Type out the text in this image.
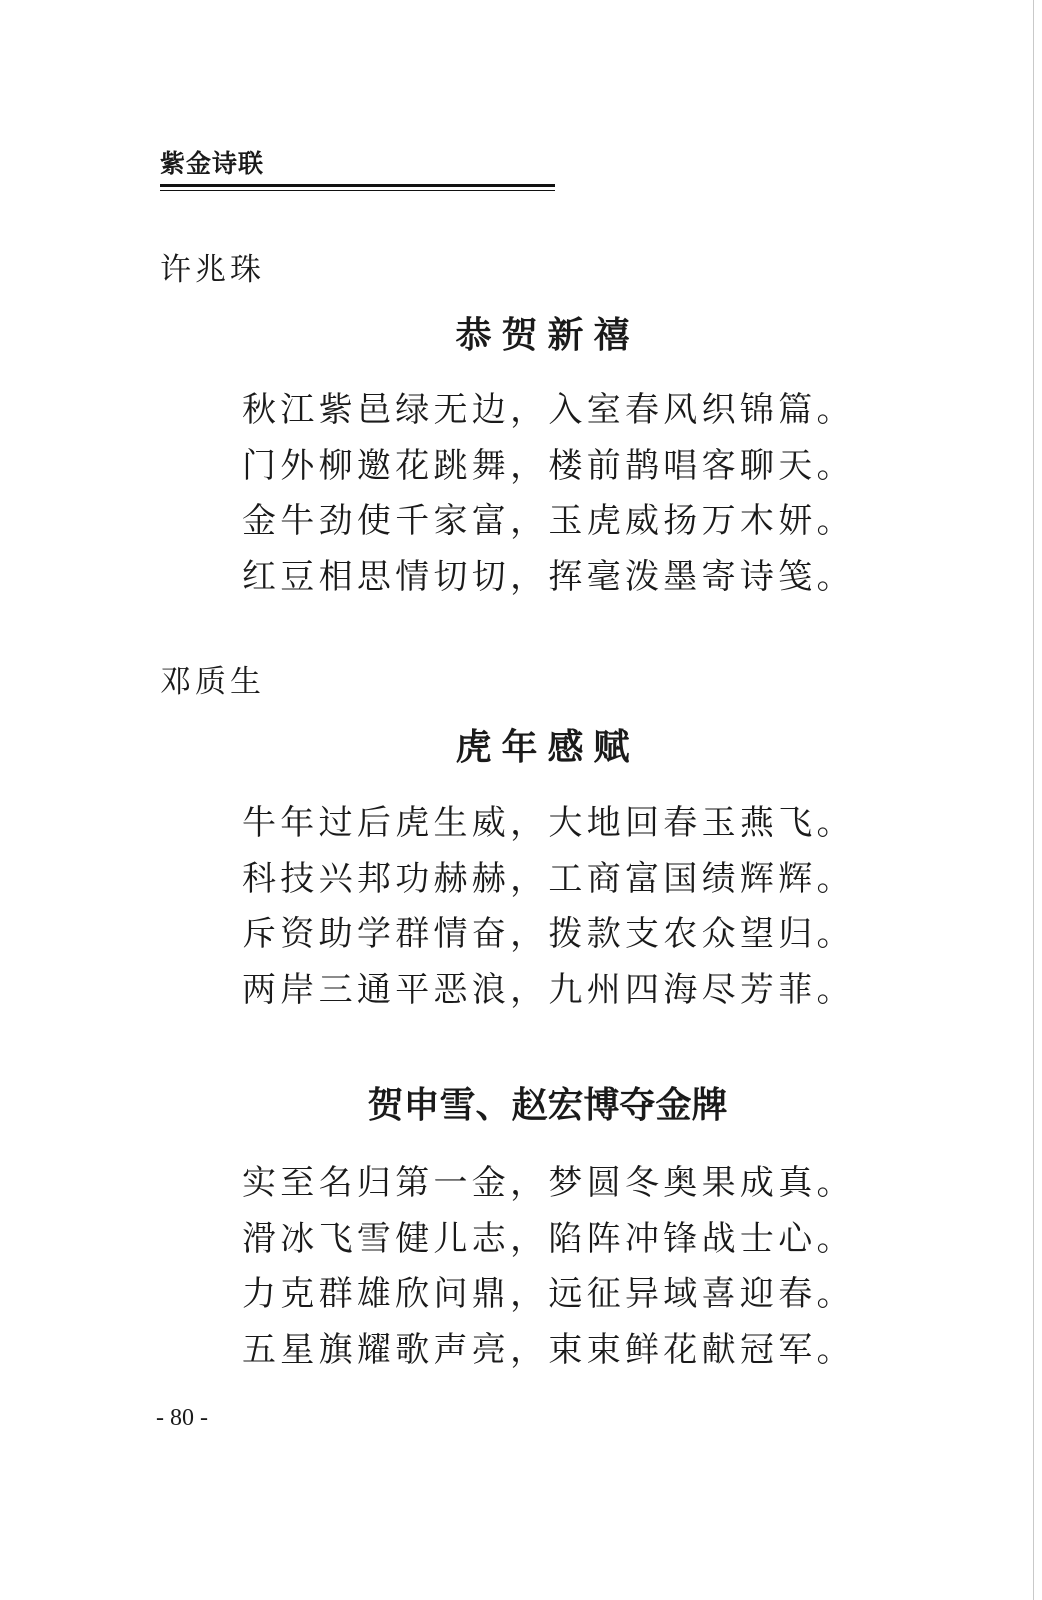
紫金诗联
许兆珠
恭贺新禧
秋江紫邑绿无边，入室春风织锦篇。
门外柳邀花跳舞，楼前鹊唱客聊天。
金牛劲使千家富，玉虎威扬万木妍。
红豆相思情切切，挥毫泼墨寄诗笺。
邓质生
虎年感赋
牛年过后虎生威，大地回春玉燕飞。
科技兴邦功赫赫，工商富国绩辉辉。
斥资助学群情奋，拨款支农众望归。
两岸三通平恶浪，九州四海尽芳菲。
贺申雪、赵宏博夺金牌
实至名归第一金，梦圆冬奥果成真。
滑冰飞雪健儿志，陷阵冲锋战士心。
力克群雄欣问鼎，远征异域喜迎春。
五星旗耀歌声亮，束束鲜花献冠军。
- 80 -
